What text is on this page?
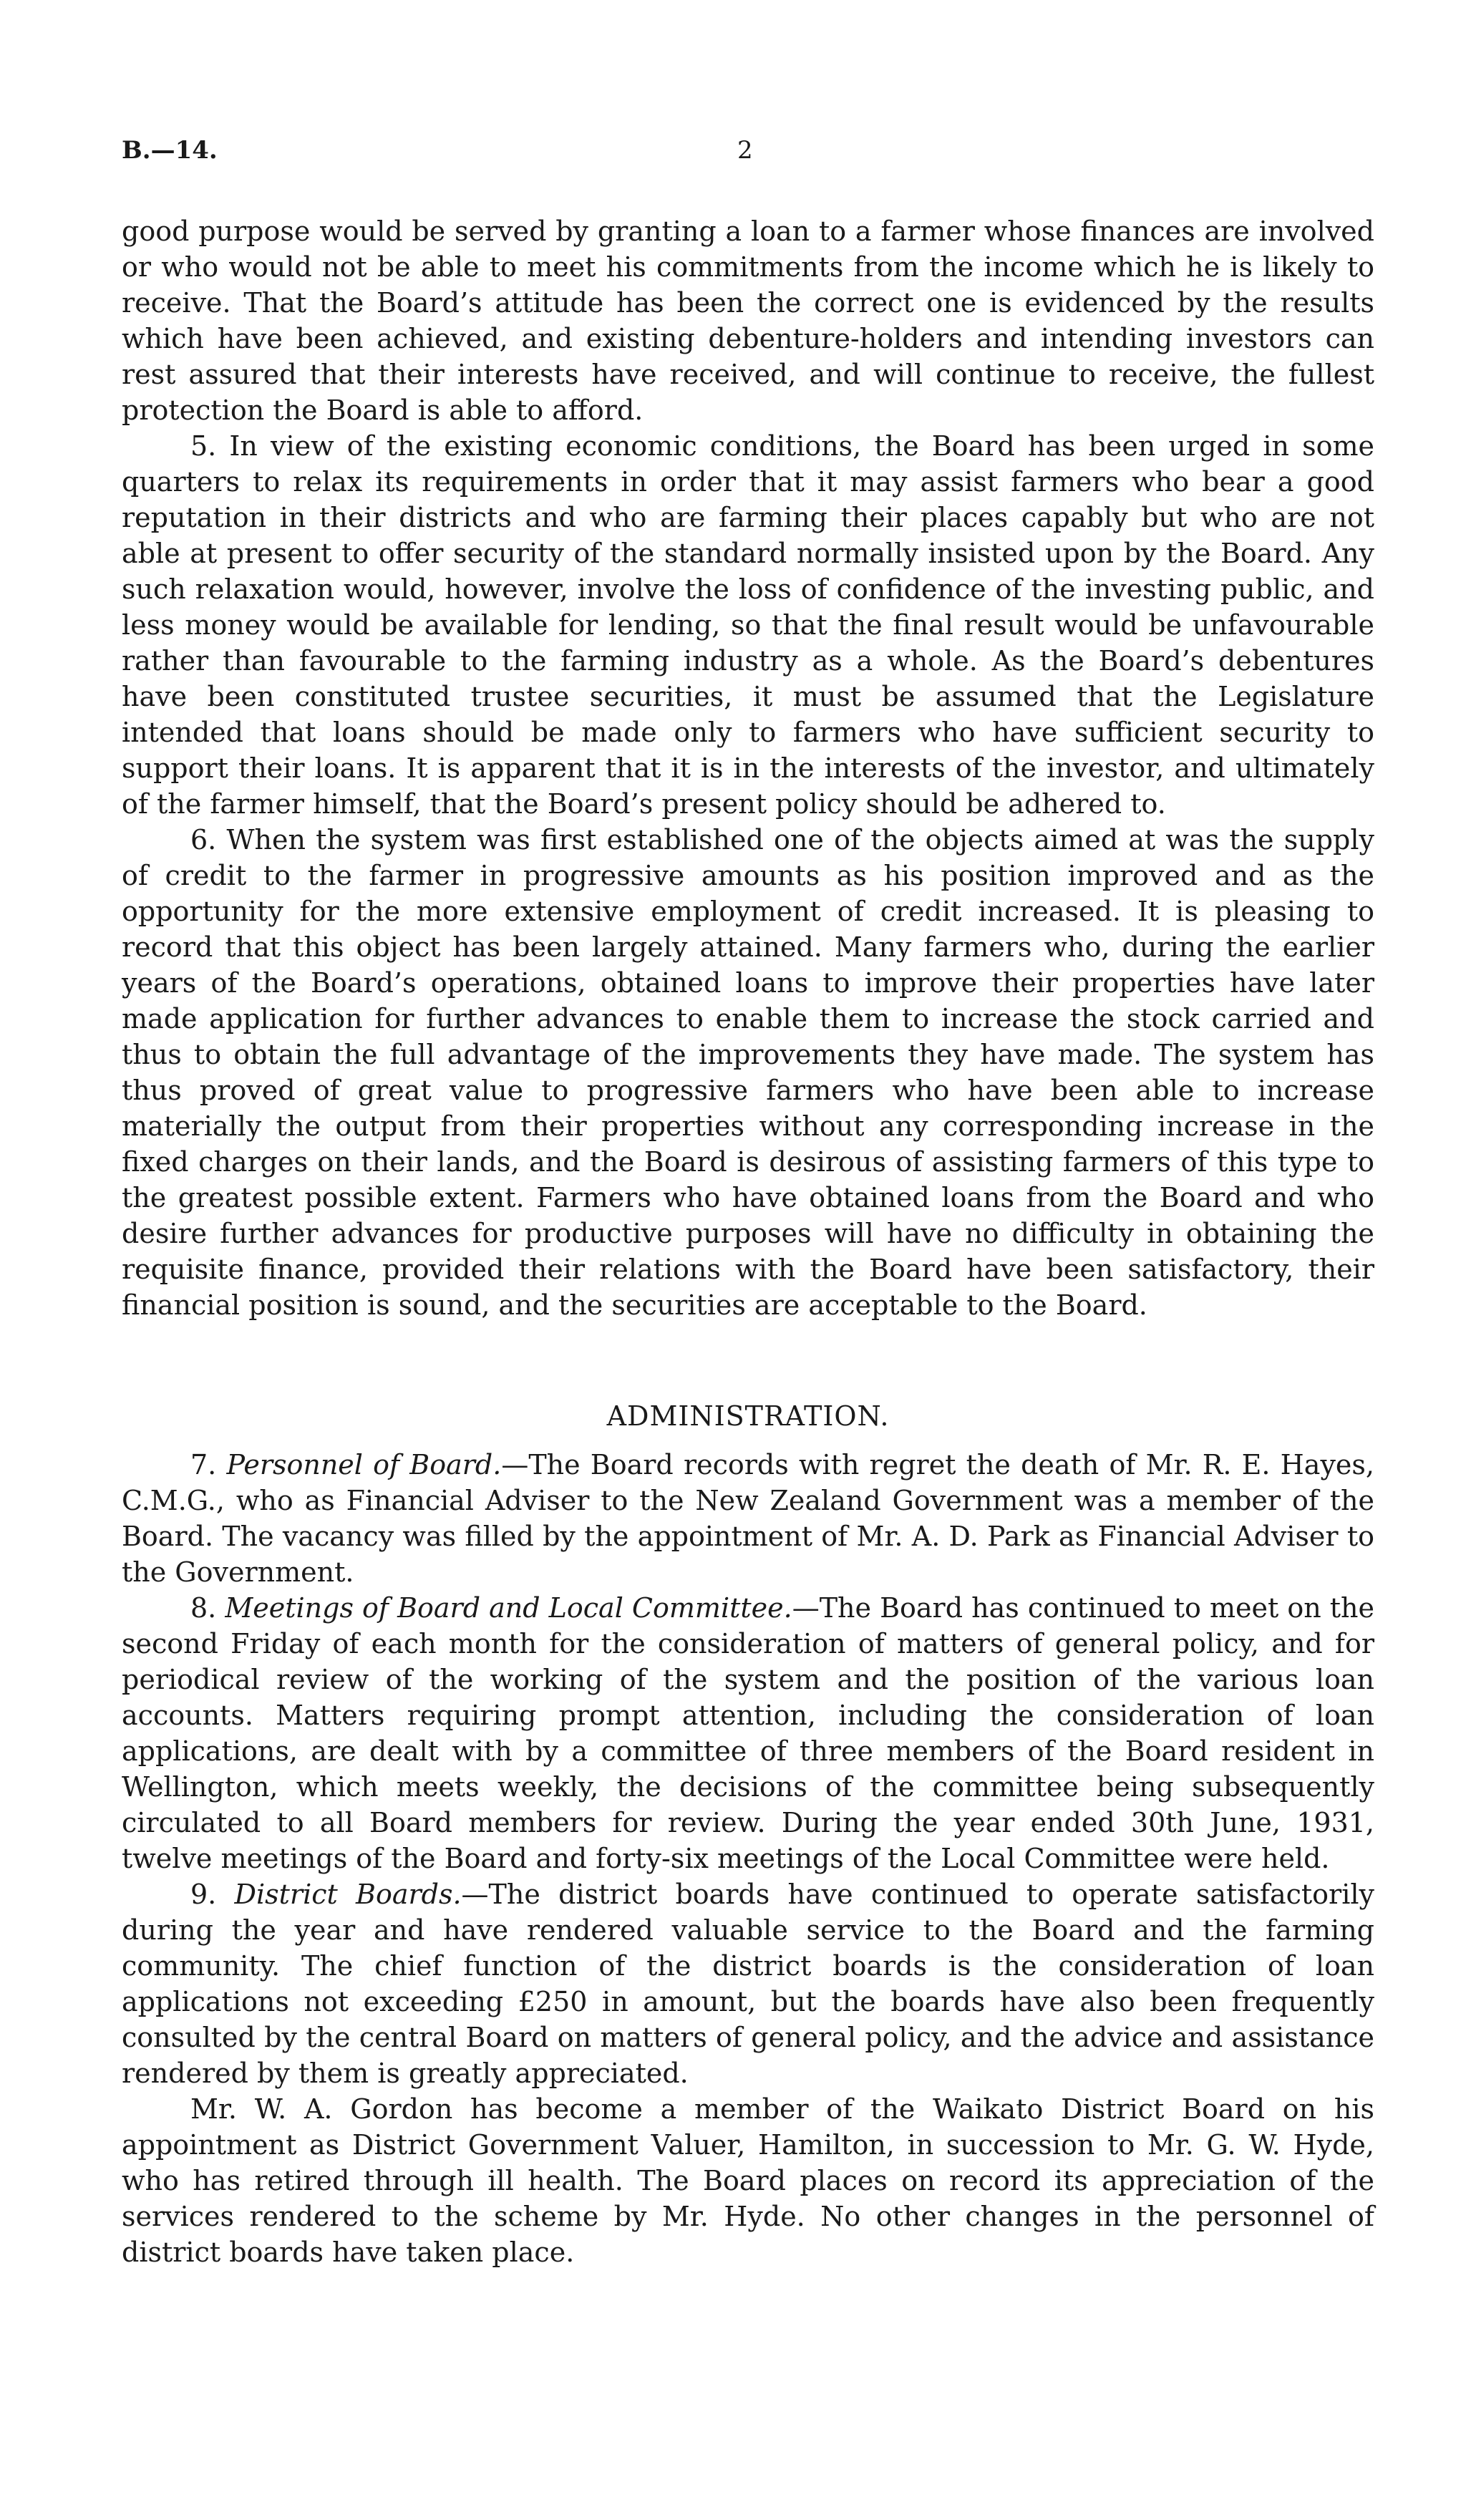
B.—14.	2

good purpose would be served by granting a loan to a farmer whose finances are involved or who would not be able to meet his commitments from the income which he is likely to receive. That the Board’s attitude has been the correct one is evidenced by the results which have been achieved, and existing debenture-holders and intending investors can rest assured that their interests have received, and will continue to receive, the fullest protection the Board is able to afford.

5. In view of the existing economic conditions, the Board has been urged in some quarters to relax its requirements in order that it may assist farmers who bear a good reputation in their districts and who are farming their places capably but who are not able at present to offer security of the standard normally insisted upon by the Board. Any such relaxation would, however, involve the loss of confidence of the investing public, and less money would be available for lending, so that the final result would be unfavourable rather than favourable to the farming industry as a whole. As the Board’s debentures have been constituted trustee securities, it must be assumed that the Legislature intended that loans should be made only to farmers who have sufficient security to support their loans. It is apparent that it is in the interests of the investor, and ultimately of the farmer himself, that the Board’s present policy should be adhered to.

6. When the system was first established one of the objects aimed at was the supply of credit to the farmer in progressive amounts as his position improved and as the opportunity for the more extensive employment of credit increased. It is pleasing to record that this object has been largely attained. Many farmers who, during the earlier years of the Board’s operations, obtained loans to improve their properties have later made application for further advances to enable them to increase the stock carried and thus to obtain the full advantage of the improvements they have made. The system has thus proved of great value to progressive farmers who have been able to increase materially the output from their properties without any corresponding increase in the fixed charges on their lands, and the Board is desirous of assisting farmers of this type to the greatest possible extent. Farmers who have obtained loans from the Board and who desire further advances for productive purposes will have no difficulty in obtaining the requisite finance, provided their relations with the Board have been satisfactory, their financial position is sound, and the securities are acceptable to the Board.

ADMINISTRATION.

7. Personnel of Board.—The Board records with regret the death of Mr. R. E. Hayes, C.M.G., who as Financial Adviser to the New Zealand Government was a member of the Board. The vacancy was filled by the appointment of Mr. A. D. Park as Financial Adviser to the Government.

8. Meetings of Board and Local Committee.—The Board has continued to meet on the second Friday of each month for the consideration of matters of general policy, and for periodical review of the working of the system and the position of the various loan accounts. Matters requiring prompt attention, including the consideration of loan applications, are dealt with by a committee of three members of the Board resident in Wellington, which meets weekly, the decisions of the committee being subsequently circulated to all Board members for review. During the year ended 30th June, 1931, twelve meetings of the Board and forty-six meetings of the Local Committee were held.

9. District Boards.—The district boards have continued to operate satisfactorily during the year and have rendered valuable service to the Board and the farming community. The chief function of the district boards is the consideration of loan applications not exceeding £250 in amount, but the boards have also been frequently consulted by the central Board on matters of general policy, and the advice and assistance rendered by them is greatly appreciated.

Mr. W. A. Gordon has become a member of the Waikato District Board on his appointment as District Government Valuer, Hamilton, in succession to Mr. G. W. Hyde, who has retired through ill health. The Board places on record its appreciation of the services rendered to the scheme by Mr. Hyde. No other changes in the personnel of district boards have taken place.
